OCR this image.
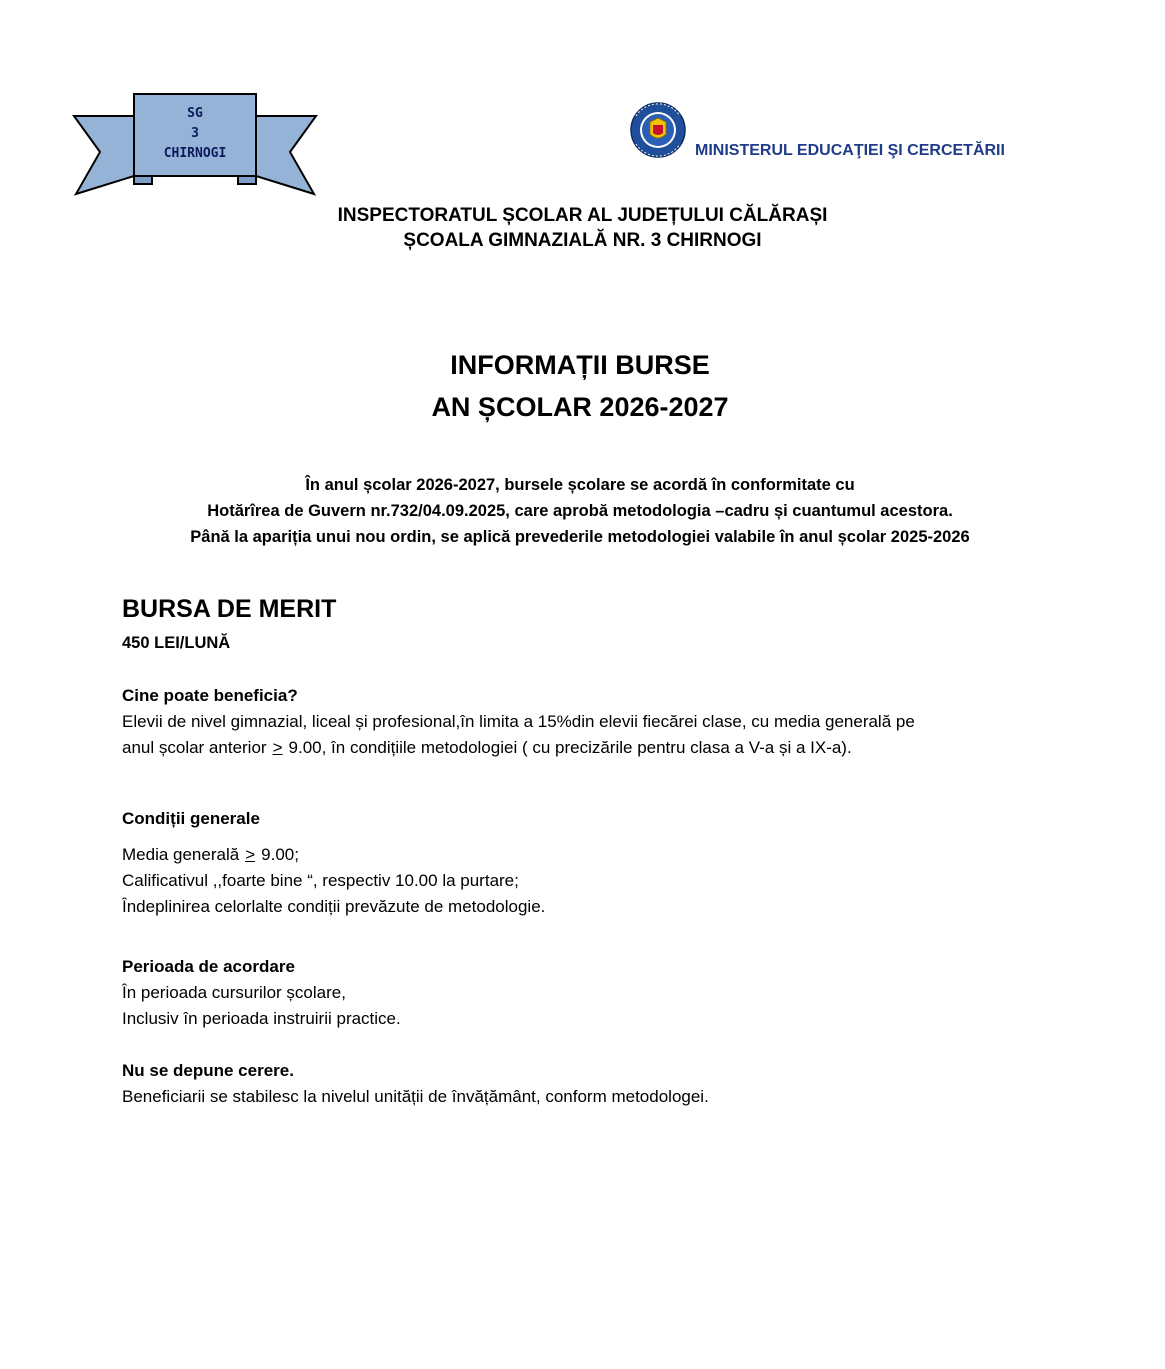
SG
3
CHIRNOGI	MINISTERUL EDUCAŢIEI ŞI CERCETĂRII
INSPECTORATUL ȘCOLAR AL JUDEȚULUI CĂLĂRAȘI
ȘCOALA GIMNAZIALĂ NR. 3 CHIRNOGI
INFORMAȚII BURSE
AN ȘCOLAR 2026-2027
În anul școlar 2026-2027, bursele școlare se acordă în conformitate cu
Hotărîrea de Guvern nr.732/04.09.2025, care aprobă metodologia –cadru și cuantumul acestora.
Până la apariția unui nou ordin, se aplică prevederile metodologiei valabile în anul școlar 2025-2026
BURSA DE MERIT
450 LEI/LUNĂ
Cine poate beneficia?
Elevii de nivel gimnazial, liceal și profesional,în limita a 15%din elevii fiecărei clase, cu media generală pe
anul școlar anterior ≥ 9.00, în condițiile metodologiei ( cu precizările pentru clasa a V-a și a IX-a).
Condiții generale
Media generală ≥ 9.00;
Calificativul ,,foarte bine “, respectiv 10.00 la purtare;
Îndeplinirea celorlalte condiții prevăzute de metodologie.
Perioada de acordare
În perioada cursurilor școlare,
Inclusiv în perioada instruirii practice.
Nu se depune cerere.
Beneficiarii se stabilesc la nivelul unității de învățământ, conform metodologei.
